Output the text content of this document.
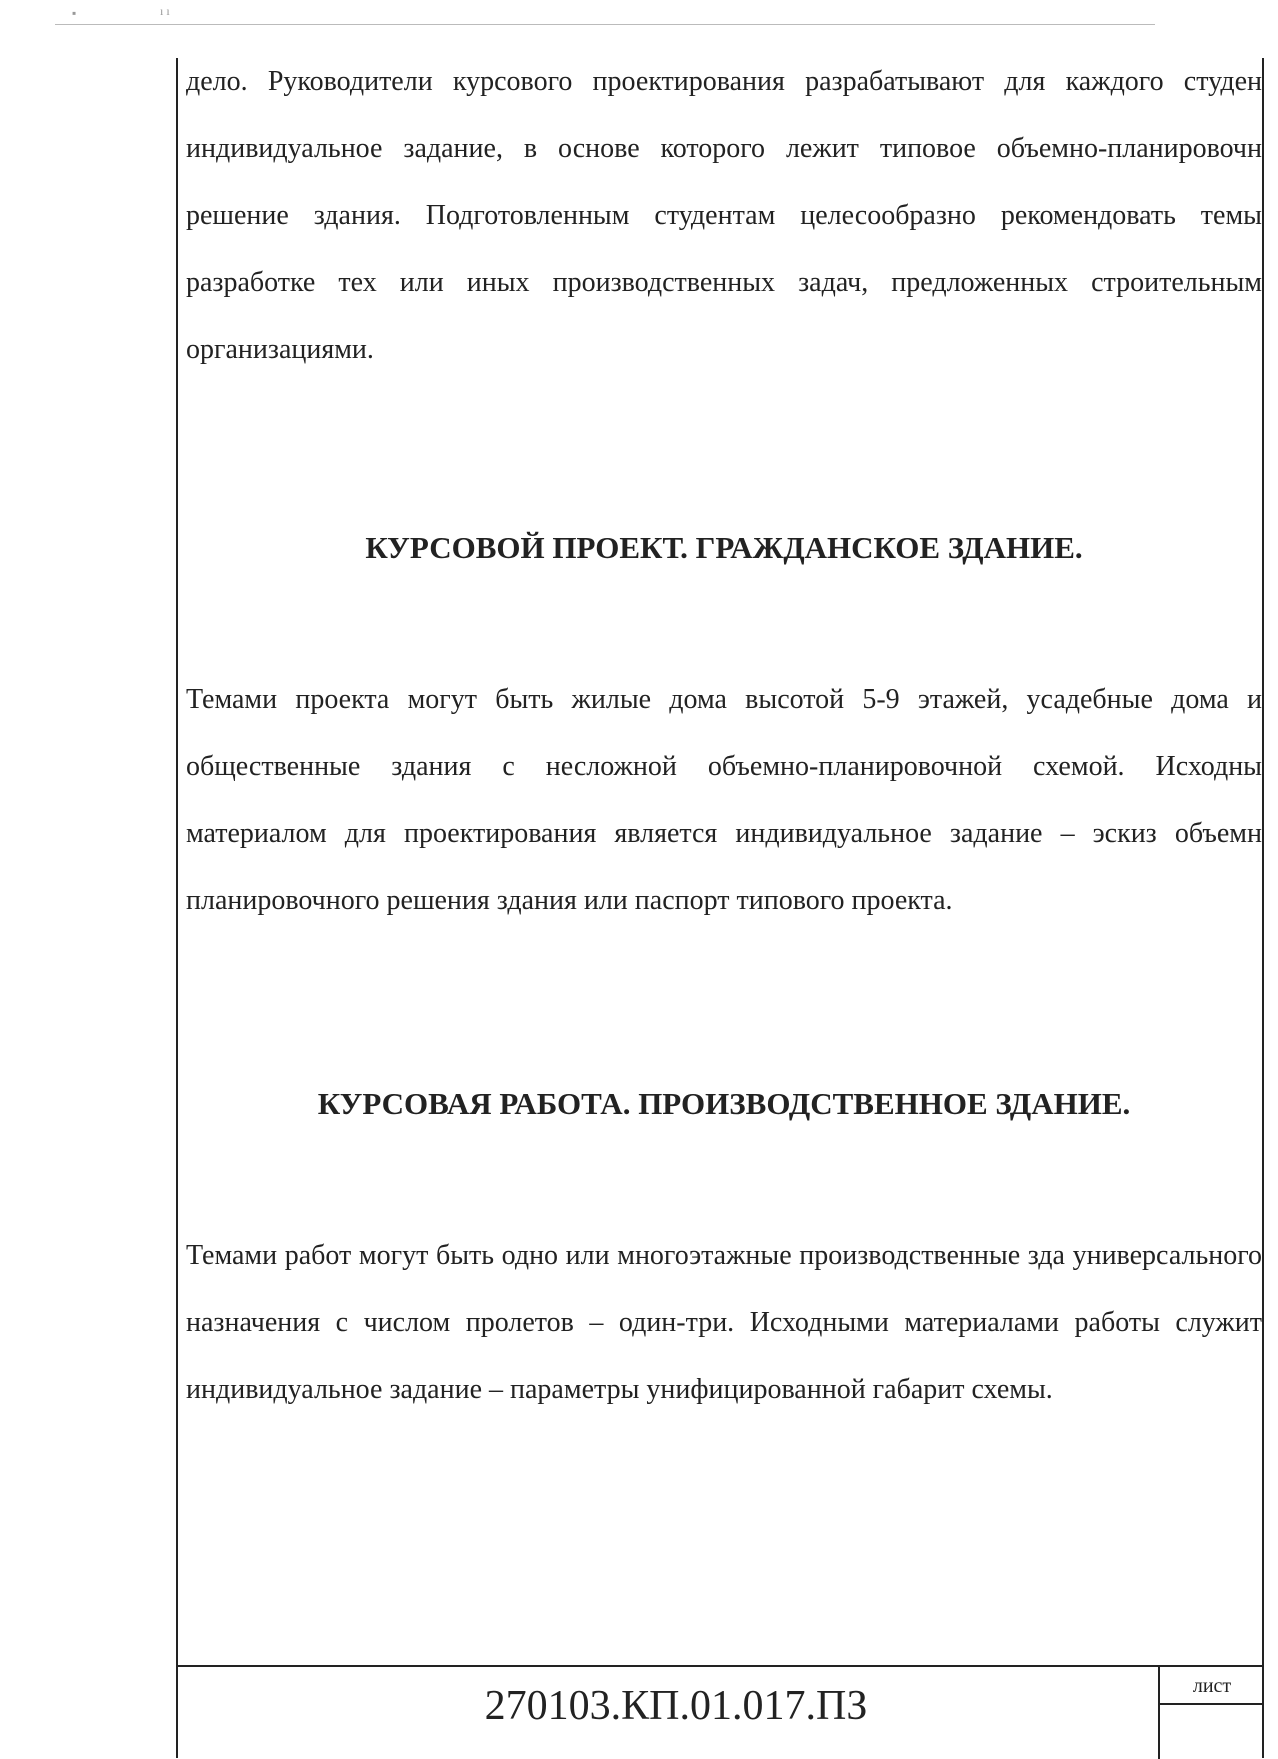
▪	ı ı

дело. Руководители курсового проектирования разрабатывают для каждого студен индивидуальное задание, в основе которого лежит типовое объемно-планировочн решение здания. Подготовленным студентам целесообразно рекомендовать темы разработке тех или иных производственных задач, предложенных строительным организациями.

КУРСОВОЙ ПРОЕКТ. ГРАЖДАНСКОЕ ЗДАНИЕ.

Темами проекта могут быть жилые дома высотой 5-9 этажей, усадебные дома и общественные здания с несложной объемно-планировочной схемой. Исходны материалом для проектирования является индивидуальное задание – эскиз объемн планировочного решения здания или паспорт типового проекта.

КУРСОВАЯ РАБОТА. ПРОИЗВОДСТВЕННОЕ ЗДАНИЕ.

Темами работ могут быть одно или многоэтажные производственные зда универсального назначения с числом пролетов – один-три. Исходными материалами работы служит индивидуальное задание – параметры унифицированной габарит схемы.

270103.КП.01.017.ПЗ	лист
